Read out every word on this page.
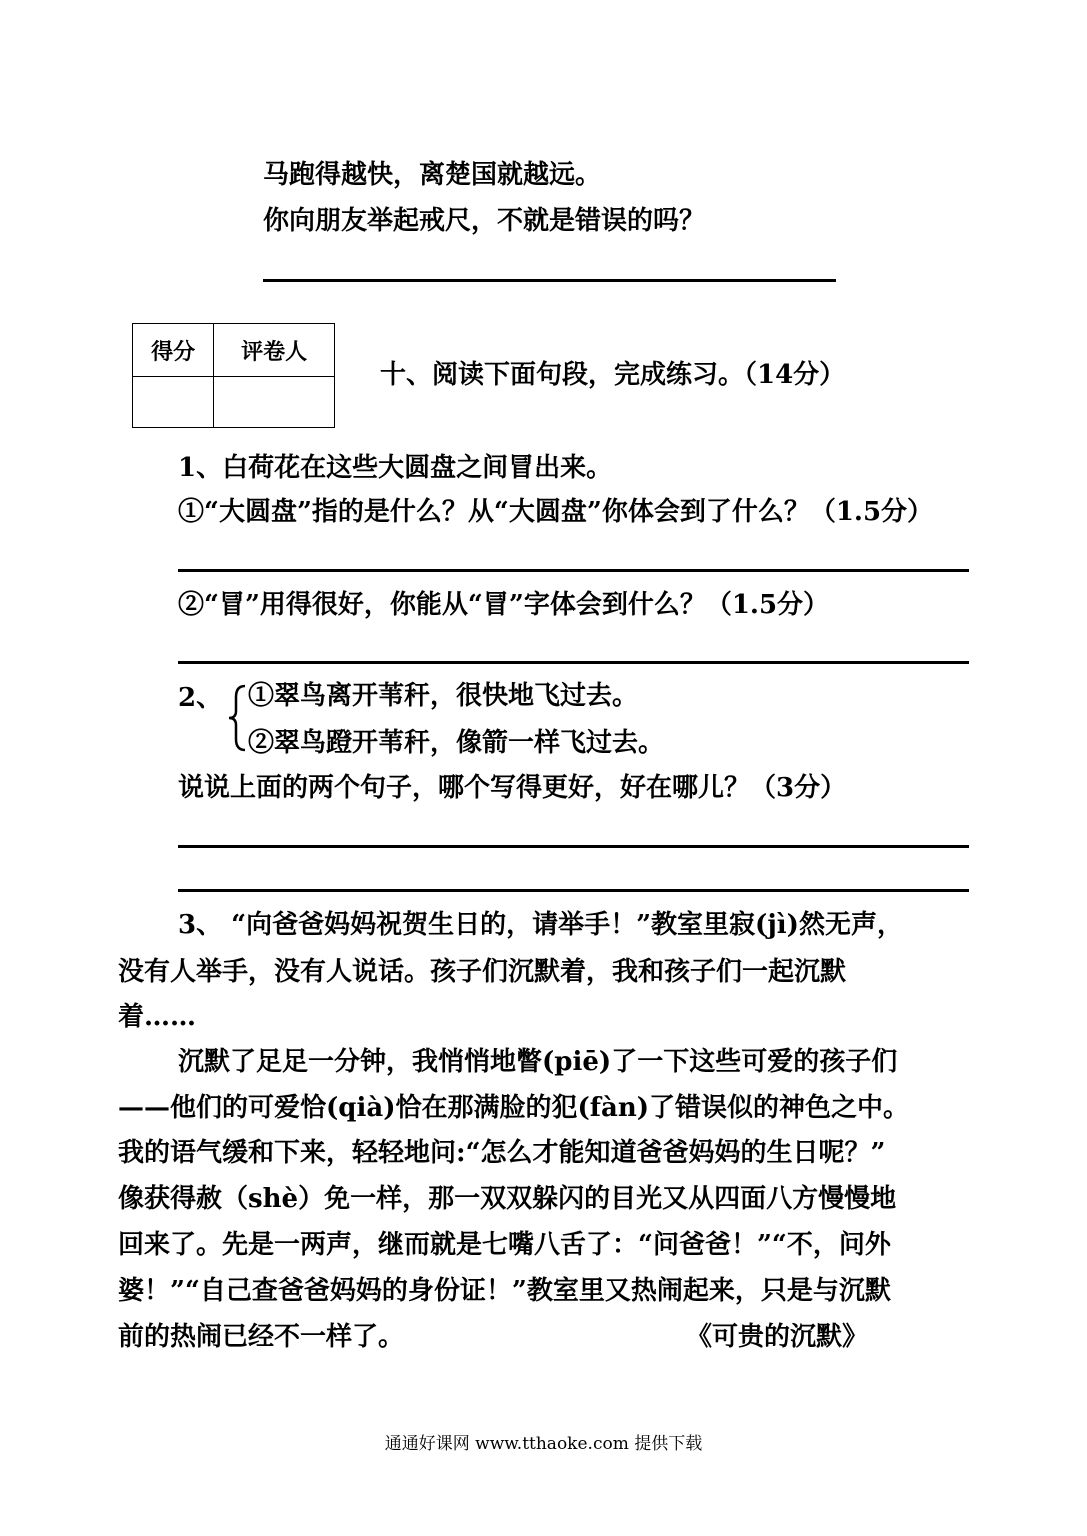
马跑得越快，离楚国就越远。
你向朋友举起戒尺，不就是错误的吗？
得分	评卷人

十、阅读下面句段，完成练习。（14分）
1、白荷花在这些大圆盘之间冒出来。
①“大圆盘”指的是什么？从“大圆盘”你体会到了什么？（1.5分）
②“冒”用得很好，你能从“冒”字体会到什么？（1.5分）
2、 ①翠鸟离开苇秆，很快地飞过去。
②翠鸟蹬开苇秆，像箭一样飞过去。
说说上面的两个句子，哪个写得更好，好在哪儿？（3分）
3、 “向爸爸妈妈祝贺生日的，请举手！”教室里寂(jì)然无声，
没有人举手，没有人说话。孩子们沉默着，我和孩子们一起沉默
着……
沉默了足足一分钟，我悄悄地瞥(piē)了一下这些可爱的孩子们
——他们的可爱恰(qià)恰在那满脸的犯(fàn)了错误似的神色之中。
我的语气缓和下来，轻轻地问:“怎么才能知道爸爸妈妈的生日呢？”
像获得赦（shè）免一样，那一双双躲闪的目光又从四面八方慢慢地
回来了。先是一两声，继而就是七嘴八舌了：“问爸爸！”“不，问外
婆！”“自己查爸爸妈妈的身份证！”教室里又热闹起来，只是与沉默
前的热闹已经不一样了。	《可贵的沉默》
通通好课网 www.tthaoke.com 提供下载
